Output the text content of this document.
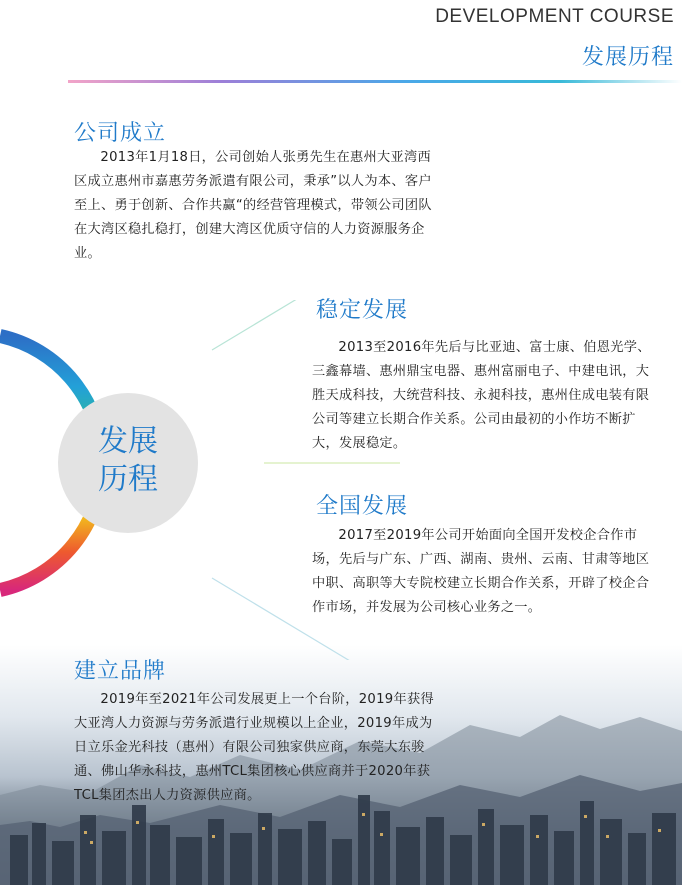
DEVELOPMENT COURSE
发展历程
发展
历程
公司成立
2013年1月18日，公司创始人张勇先生在惠州大亚湾西区成立惠州市嘉惠劳务派遣有限公司，秉承”以人为本、客户至上、勇于创新、合作共赢“的经营管理模式，带领公司团队在大湾区稳扎稳打，创建大湾区优质守信的人力资源服务企业。
稳定发展
2013至2016年先后与比亚迪、富士康、伯恩光学、三鑫幕墙、惠州鼎宝电器、惠州富丽电子、中建电讯，大胜天成科技，大统营科技、永昶科技，惠州住成电装有限公司等建立长期合作关系。公司由最初的小作坊不断扩大，发展稳定。
全国发展
2017至2019年公司开始面向全国开发校企合作市场，先后与广东、广西、湖南、贵州、云南、甘肃等地区中职、高职等大专院校建立长期合作关系，开辟了校企合作市场，并发展为公司核心业务之一。
建立品牌
2019年至2021年公司发展更上一个台阶，2019年获得大亚湾人力资源与劳务派遣行业规模以上企业，2019年成为日立乐金光科技（惠州）有限公司独家供应商，东莞大东骏通、佛山华永科技，惠州TCL集团核心供应商并于2020年获TCL集团杰出人力资源供应商。
